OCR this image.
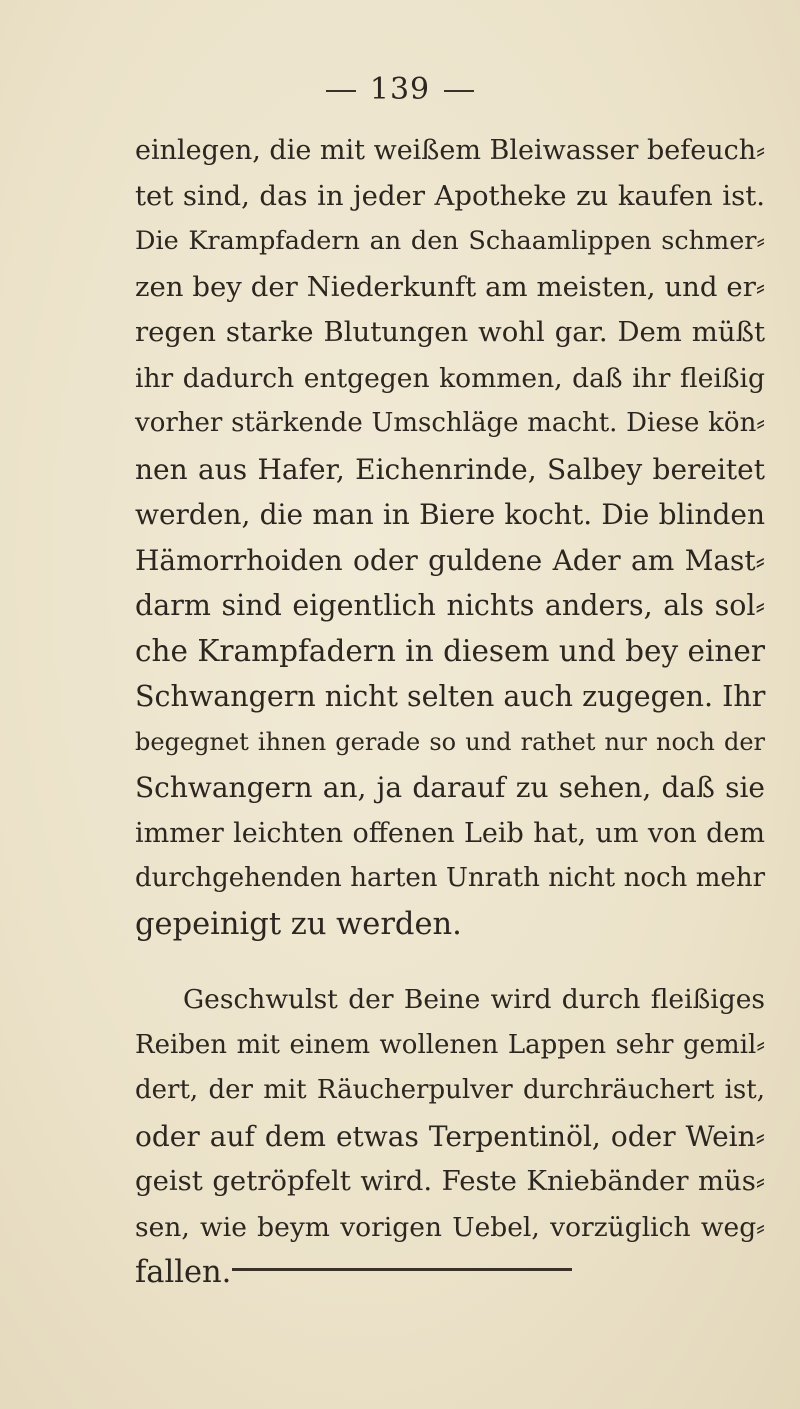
139
einlegen, die mit weißem Bleiwasser befeuch⸗
tet sind, das in jeder Apotheke zu kaufen ist.
Die Krampfadern an den Schaamlippen schmer⸗
zen bey der Niederkunft am meisten, und er⸗
regen starke Blutungen wohl gar. Dem müßt
ihr dadurch entgegen kommen, daß ihr fleißig
vorher stärkende Umschläge macht. Diese kön⸗
nen aus Hafer, Eichenrinde, Salbey bereitet
werden, die man in Biere kocht. Die blinden
Hämorrhoiden oder guldene Ader am Mast⸗
darm sind eigentlich nichts anders, als sol⸗
che Krampfadern in diesem und bey einer
Schwangern nicht selten auch zugegen. Ihr
begegnet ihnen gerade so und rathet nur noch der
Schwangern an, ja darauf zu sehen, daß sie
immer leichten offenen Leib hat, um von dem
durchgehenden harten Unrath nicht noch mehr
gepeinigt zu werden.
Geschwulst der Beine wird durch fleißiges
Reiben mit einem wollenen Lappen sehr gemil⸗
dert, der mit Räucherpulver durchräuchert ist,
oder auf dem etwas Terpentinöl, oder Wein⸗
geist getröpfelt wird. Feste Kniebänder müs⸗
sen, wie beym vorigen Uebel, vorzüglich weg⸗
fallen.
